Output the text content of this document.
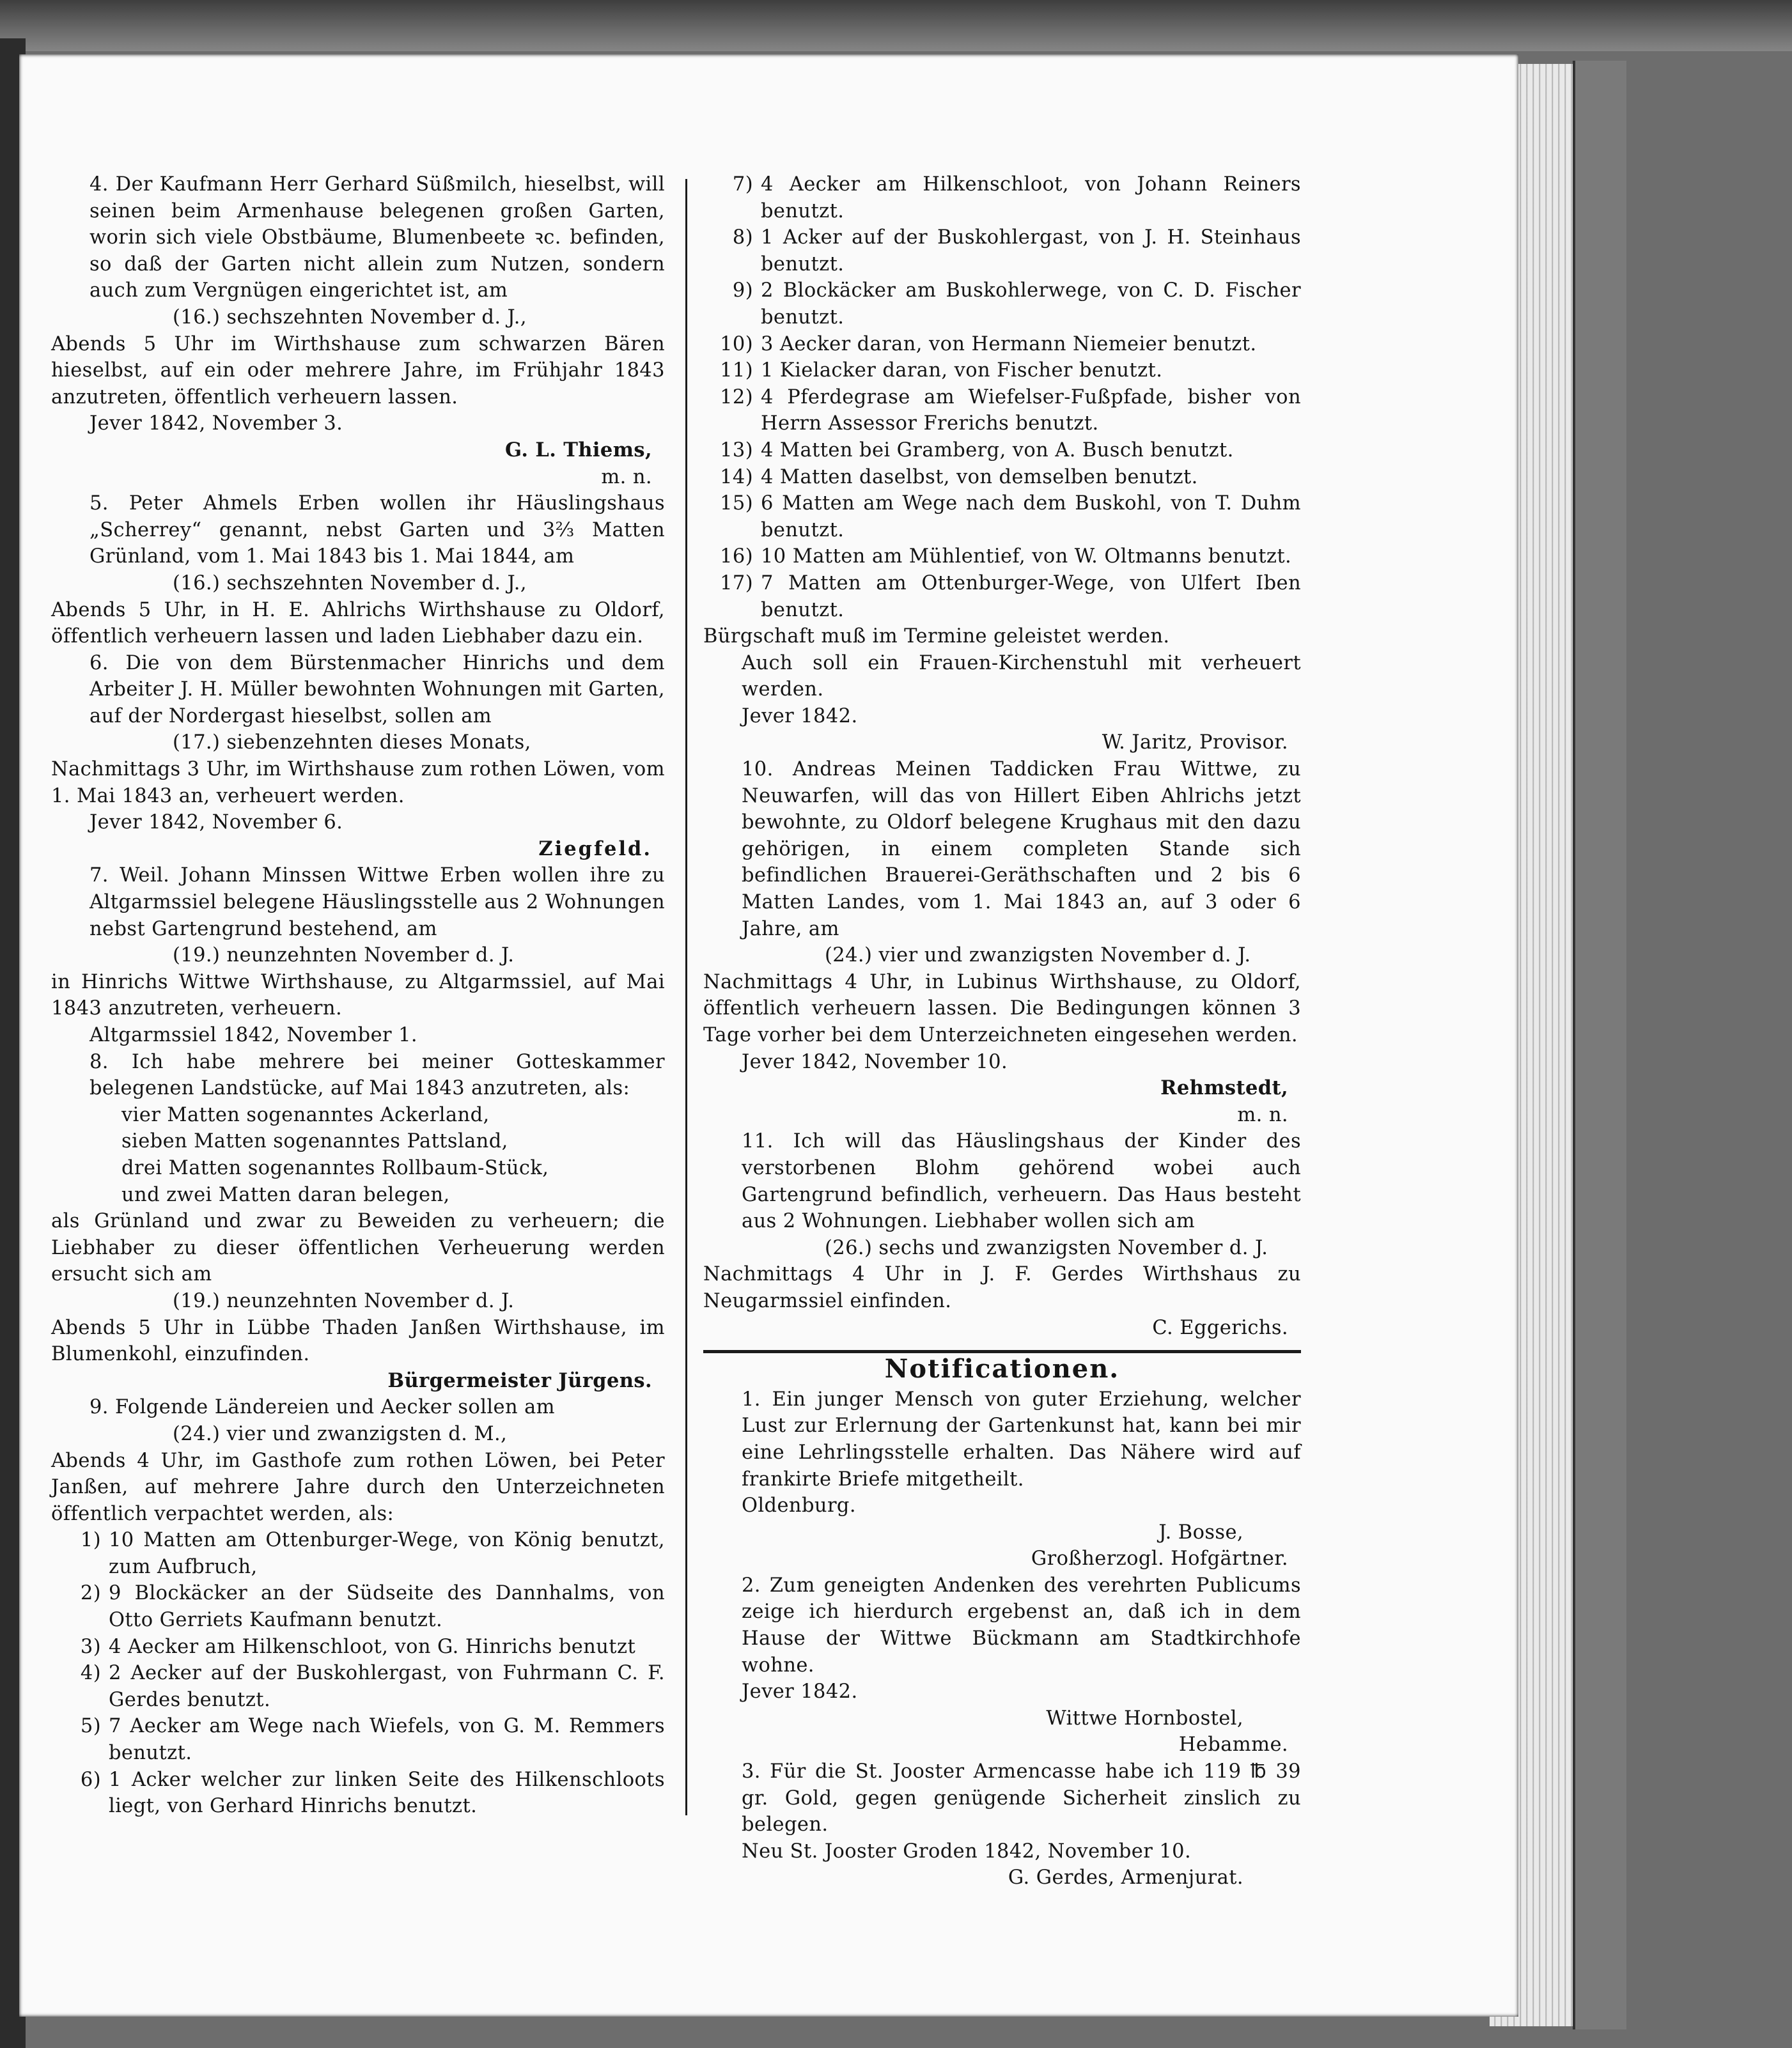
4. Der Kaufmann Herr Gerhard Süßmilch, hieselbst, will seinen beim Armenhause belegenen großen Garten, worin sich viele Obstbäume, Blumenbeete ꝛc. befinden, so daß der Garten nicht allein zum Nutzen, sondern auch zum Vergnügen eingerichtet ist, am

(16.) sechszehnten November d. J.,

Abends 5 Uhr im Wirthshause zum schwarzen Bären hieselbst, auf ein oder mehrere Jahre, im Frühjahr 1843 anzutreten, öffentlich verheuern lassen.

Jever 1842, November 3.

G. L. Thiems,

m. n.

5. Peter Ahmels Erben wollen ihr Häuslingshaus „Scherrey“ genannt, nebst Garten und 3⅔ Matten Grünland, vom 1. Mai 1843 bis 1. Mai 1844, am

(16.) sechszehnten November d. J.,

Abends 5 Uhr, in H. E. Ahlrichs Wirthshause zu Oldorf, öffentlich verheuern lassen und laden Liebhaber dazu ein.

6. Die von dem Bürstenmacher Hinrichs und dem Arbeiter J. H. Müller bewohnten Wohnungen mit Garten, auf der Nordergast hieselbst, sollen am

(17.) siebenzehnten dieses Monats,

Nachmittags 3 Uhr, im Wirthshause zum rothen Löwen, vom 1. Mai 1843 an, verheuert werden.

Jever 1842, November 6.

Ziegfeld.

7. Weil. Johann Minssen Wittwe Erben wollen ihre zu Altgarmssiel belegene Häuslingsstelle aus 2 Wohnungen nebst Gartengrund bestehend, am

(19.) neunzehnten November d. J.

in Hinrichs Wittwe Wirthshause, zu Altgarmssiel, auf Mai 1843 anzutreten, verheuern.

Altgarmssiel 1842, November 1.

8. Ich habe mehrere bei meiner Gotteskammer belegenen Landstücke, auf Mai 1843 anzutreten, als:

vier Matten sogenanntes Ackerland,

sieben Matten sogenanntes Pattsland,

drei Matten sogenanntes Rollbaum-Stück,

und zwei Matten daran belegen,

als Grünland und zwar zu Beweiden zu verheuern; die Liebhaber zu dieser öffentlichen Verheuerung werden ersucht sich am

(19.) neunzehnten November d. J.

Abends 5 Uhr in Lübbe Thaden Janßen Wirthshause, im Blumenkohl, einzufinden.

Bürgermeister Jürgens.

9. Folgende Ländereien und Aecker sollen am

(24.) vier und zwanzigsten d. M.,

Abends 4 Uhr, im Gasthofe zum rothen Löwen, bei Peter Janßen, auf mehrere Jahre durch den Unterzeichneten öffentlich verpachtet werden, als:

1) 10 Matten am Ottenburger-Wege, von König benutzt, zum Aufbruch,
2) 9 Blockäcker an der Südseite des Dannhalms, von Otto Gerriets Kaufmann benutzt.
3) 4 Aecker am Hilkenschloot, von G. Hinrichs benutzt
4) 2 Aecker auf der Buskohlergast, von Fuhrmann C. F. Gerdes benutzt.
5) 7 Aecker am Wege nach Wiefels, von G. M. Remmers benutzt.
6) 1 Acker welcher zur linken Seite des Hilkenschloots liegt, von Gerhard Hinrichs benutzt.
7) 4 Aecker am Hilkenschloot, von Johann Reiners benutzt.
8) 1 Acker auf der Buskohlergast, von J. H. Steinhaus benutzt.
9) 2 Blockäcker am Buskohlerwege, von C. D. Fischer benutzt.
10) 3 Aecker daran, von Hermann Niemeier benutzt.
11) 1 Kielacker daran, von Fischer benutzt.
12) 4 Pferdegrase am Wiefelser-Fußpfade, bisher von Herrn Assessor Frerichs benutzt.
13) 4 Matten bei Gramberg, von A. Busch benutzt.
14) 4 Matten daselbst, von demselben benutzt.
15) 6 Matten am Wege nach dem Buskohl, von T. Duhm benutzt.
16) 10 Matten am Mühlentief, von W. Oltmanns benutzt.
17) 7 Matten am Ottenburger-Wege, von Ulfert Iben benutzt.

Bürgschaft muß im Termine geleistet werden.

Auch soll ein Frauen-Kirchenstuhl mit verheuert werden.

Jever 1842.

W. Jaritz, Provisor.

10. Andreas Meinen Taddicken Frau Wittwe, zu Neuwarfen, will das von Hillert Eiben Ahlrichs jetzt bewohnte, zu Oldorf belegene Krughaus mit den dazu gehörigen, in einem completen Stande sich befindlichen Brauerei-Geräthschaften und 2 bis 6 Matten Landes, vom 1. Mai 1843 an, auf 3 oder 6 Jahre, am

(24.) vier und zwanzigsten November d. J.

Nachmittags 4 Uhr, in Lubinus Wirthshause, zu Oldorf, öffentlich verheuern lassen. Die Bedingungen können 3 Tage vorher bei dem Unterzeichneten eingesehen werden.

Jever 1842, November 10.

Rehmstedt,

m. n.

11. Ich will das Häuslingshaus der Kinder des verstorbenen Blohm gehörend wobei auch Gartengrund befindlich, verheuern. Das Haus besteht aus 2 Wohnungen. Liebhaber wollen sich am

(26.) sechs und zwanzigsten November d. J.

Nachmittags 4 Uhr in J. F. Gerdes Wirthshaus zu Neugarmssiel einfinden.

C. Eggerichs.

Notificationen.

1. Ein junger Mensch von guter Erziehung, welcher Lust zur Erlernung der Gartenkunst hat, kann bei mir eine Lehrlingsstelle erhalten. Das Nähere wird auf frankirte Briefe mitgetheilt.

Oldenburg.

J. Bosse,

Großherzogl. Hofgärtner.

2. Zum geneigten Andenken des verehrten Publicums zeige ich hierdurch ergebenst an, daß ich in dem Hause der Wittwe Bückmann am Stadtkirchhofe wohne.

Jever 1842.

Wittwe Hornbostel,

Hebamme.

3. Für die St. Jooster Armencasse habe ich 119 ℔ 39 gr. Gold, gegen genügende Sicherheit zinslich zu belegen.

Neu St. Jooster Groden 1842, November 10.

G. Gerdes, Armenjurat.
